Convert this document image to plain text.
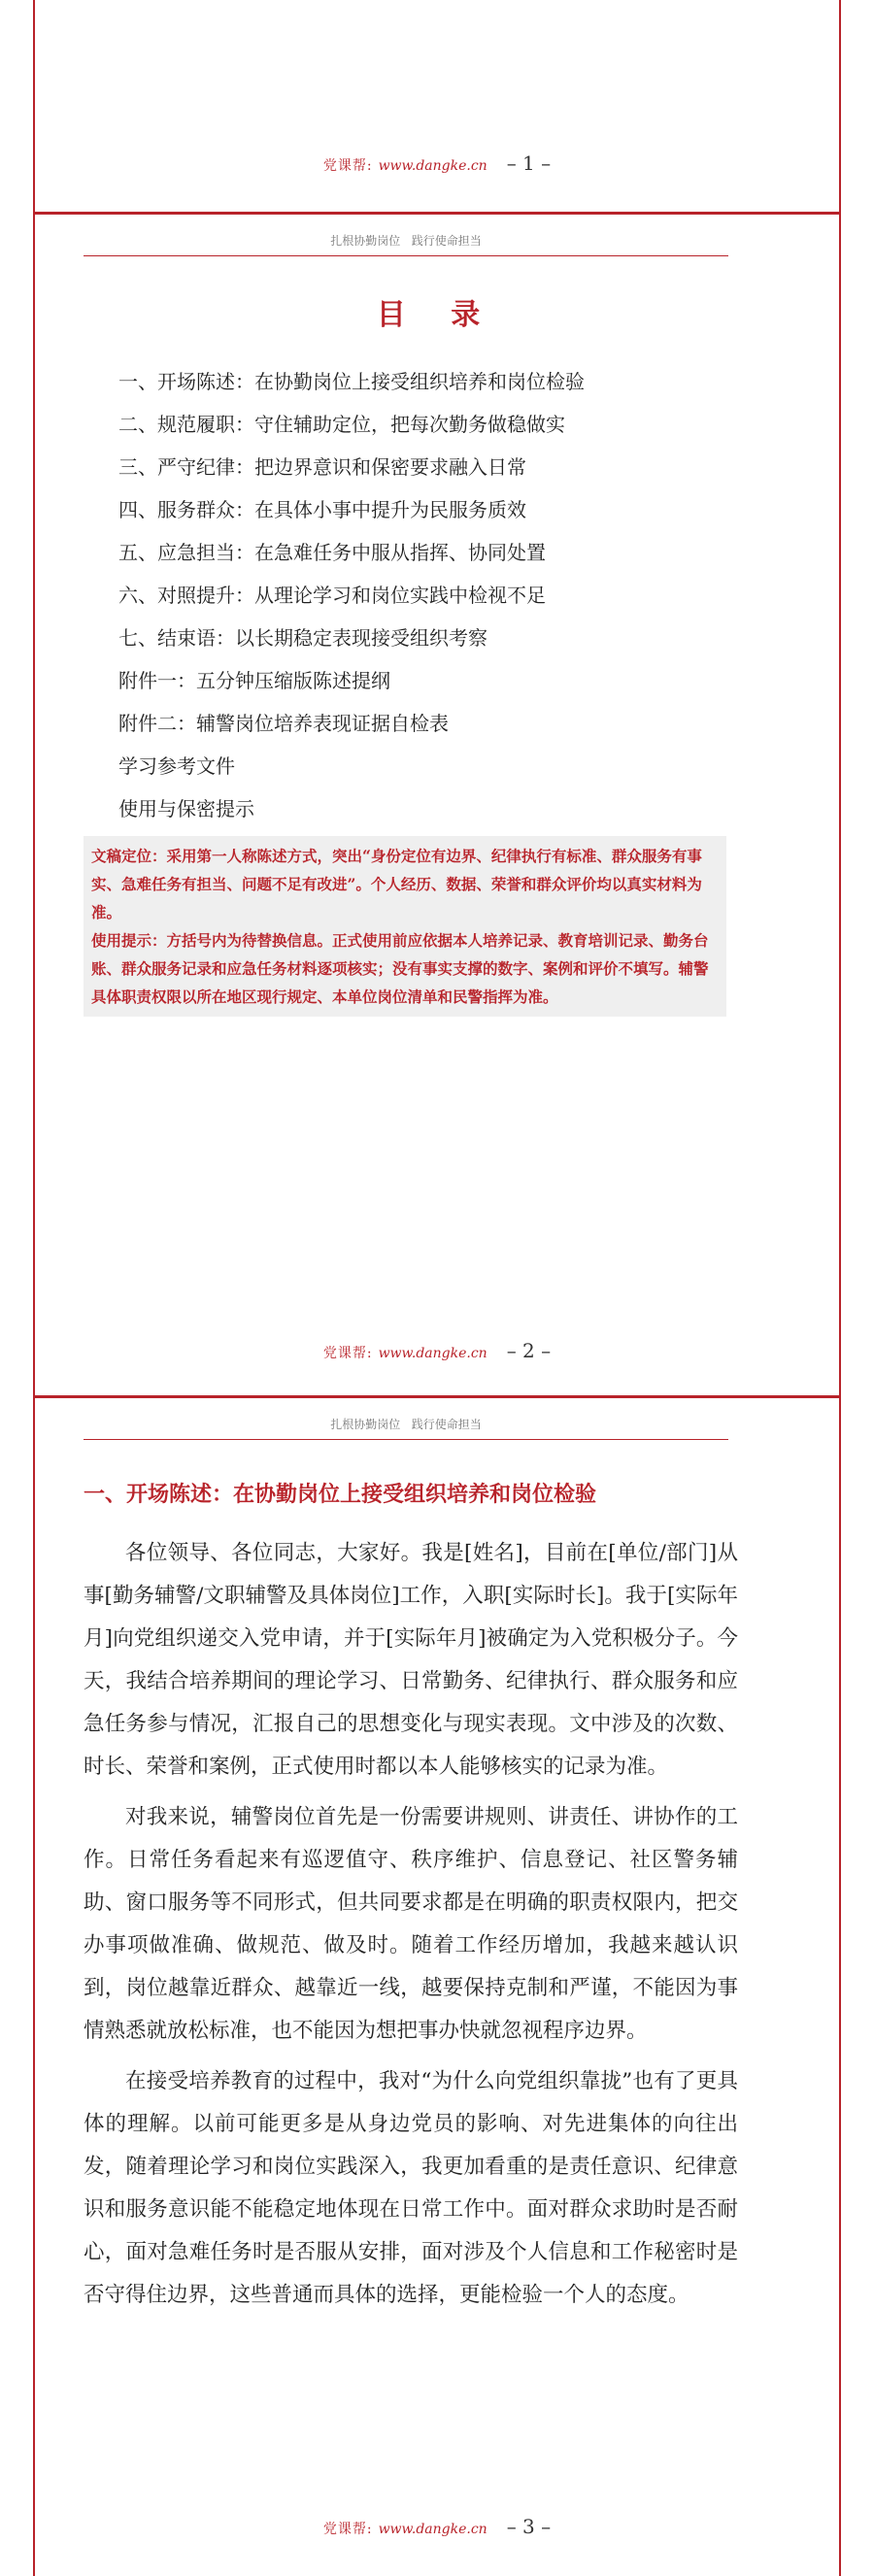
党课帮: www.dangke.cn – 1 –
扎根协勤岗位   践行使命担当
目 录
一、开场陈述：在协勤岗位上接受组织培养和岗位检验
二、规范履职：守住辅助定位，把每次勤务做稳做实
三、严守纪律：把边界意识和保密要求融入日常
四、服务群众：在具体小事中提升为民服务质效
五、应急担当：在急难任务中服从指挥、协同处置
六、对照提升：从理论学习和岗位实践中检视不足
七、结束语：以长期稳定表现接受组织考察
附件一：五分钟压缩版陈述提纲
附件二：辅警岗位培养表现证据自检表
学习参考文件
使用与保密提示

文稿定位：采用第一人称陈述方式，突出“身份定位有边界、纪律执行有标准、群众服务有事实、急难任务有担当、问题不足有改进”。个人经历、数据、荣誉和群众评价均以真实材料为准。

使用提示：方括号内为待替换信息。正式使用前应依据本人培养记录、教育培训记录、勤务台账、群众服务记录和应急任务材料逐项核实；没有事实支撑的数字、案例和评价不填写。辅警具体职责权限以所在地区现行规定、本单位岗位清单和民警指挥为准。

党课帮: www.dangke.cn – 2 –
扎根协勤岗位   践行使命担当
一、开场陈述：在协勤岗位上接受组织培养和岗位检验

各位领导、各位同志，大家好。我是[姓名]，目前在[单位/部门]从事[勤务辅警/文职辅警及具体岗位]工作，入职[实际时长]。我于[实际年月]向党组织递交入党申请，并于[实际年月]被确定为入党积极分子。今天，我结合培养期间的理论学习、日常勤务、纪律执行、群众服务和应急任务参与情况，汇报自己的思想变化与现实表现。文中涉及的次数、时长、荣誉和案例，正式使用时都以本人能够核实的记录为准。

对我来说，辅警岗位首先是一份需要讲规则、讲责任、讲协作的工作。日常任务看起来有巡逻值守、秩序维护、信息登记、社区警务辅助、窗口服务等不同形式，但共同要求都是在明确的职责权限内，把交办事项做准确、做规范、做及时。随着工作经历增加，我越来越认识到，岗位越靠近群众、越靠近一线，越要保持克制和严谨，不能因为事情熟悉就放松标准，也不能因为想把事办快就忽视程序边界。

在接受培养教育的过程中，我对“为什么向党组织靠拢”也有了更具体的理解。以前可能更多是从身边党员的影响、对先进集体的向往出发，随着理论学习和岗位实践深入，我更加看重的是责任意识、纪律意识和服务意识能不能稳定地体现在日常工作中。面对群众求助时是否耐心，面对急难任务时是否服从安排，面对涉及个人信息和工作秘密时是否守得住边界，这些普通而具体的选择，更能检验一个人的态度。

党课帮: www.dangke.cn – 3 –
